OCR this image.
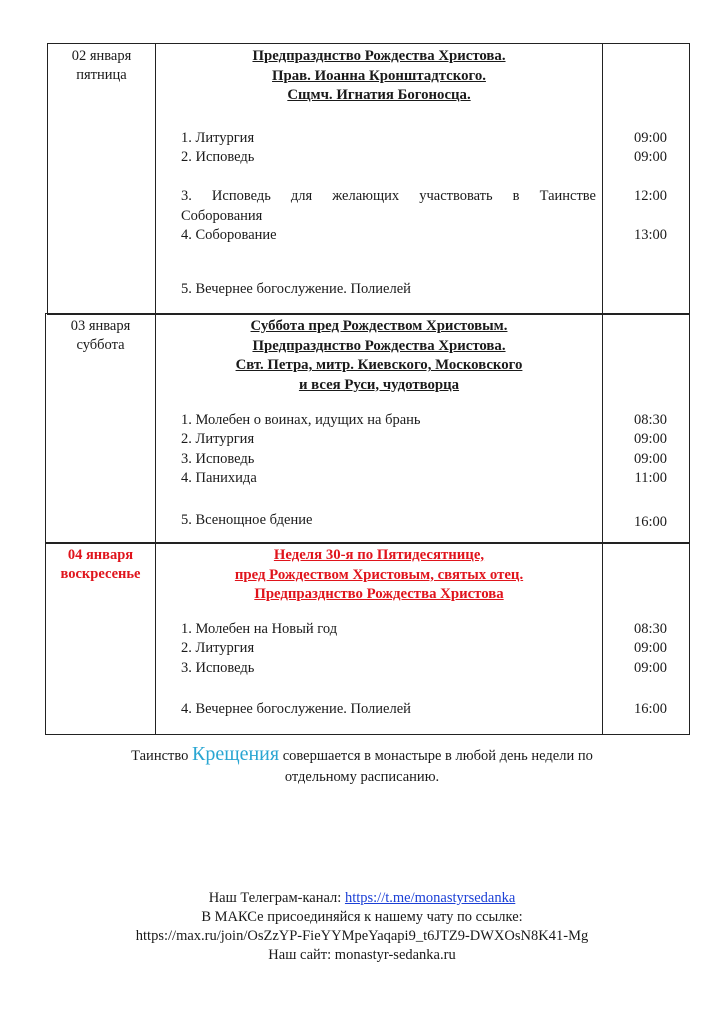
02 января
пятница
Предпразднство Рождества Христова.
Прав. Иоанна Кронштадтского.
Сщмч. Игнатия Богоносца.
1. Литургия
2. Исповедь
3. Исповедь для желающих участвовать в Таинстве Соборования
4. Соборование
5. Вечернее богослужение. Полиелей
09:00
09:00
12:00
13:00
03 января
суббота
Суббота пред Рождеством Христовым.
Предпразднство Рождества Христова.
Свт. Петра, митр. Киевского, Московского
и всея Руси, чудотворца
1. Молебен о воинах, идущих на брань
2. Литургия
3. Исповедь
4. Панихида
5. Всенощное бдение
08:30
09:00
09:00
11:00
16:00
04 января
воскресенье
Неделя 30-я по Пятидесятнице,
пред Рождеством Христовым, святых отец.
Предпразднство Рождества Христова
1. Молебен на Новый год
2. Литургия
3. Исповедь
4. Вечернее богослужение. Полиелей
08:30
09:00
09:00
16:00
Таинство Крещения совершается в монастыре в любой день недели по
отдельному расписанию.
Наш Телеграм-канал: https://t.me/monastyrsedanka
В МАКСе присоединяйся к нашему чату по ссылке:
https://max.ru/join/OsZzYP-FieYYMpeYaqapi9_t6JTZ9-DWXOsN8K41-Mg
Наш сайт: monastyr-sedanka.ru
